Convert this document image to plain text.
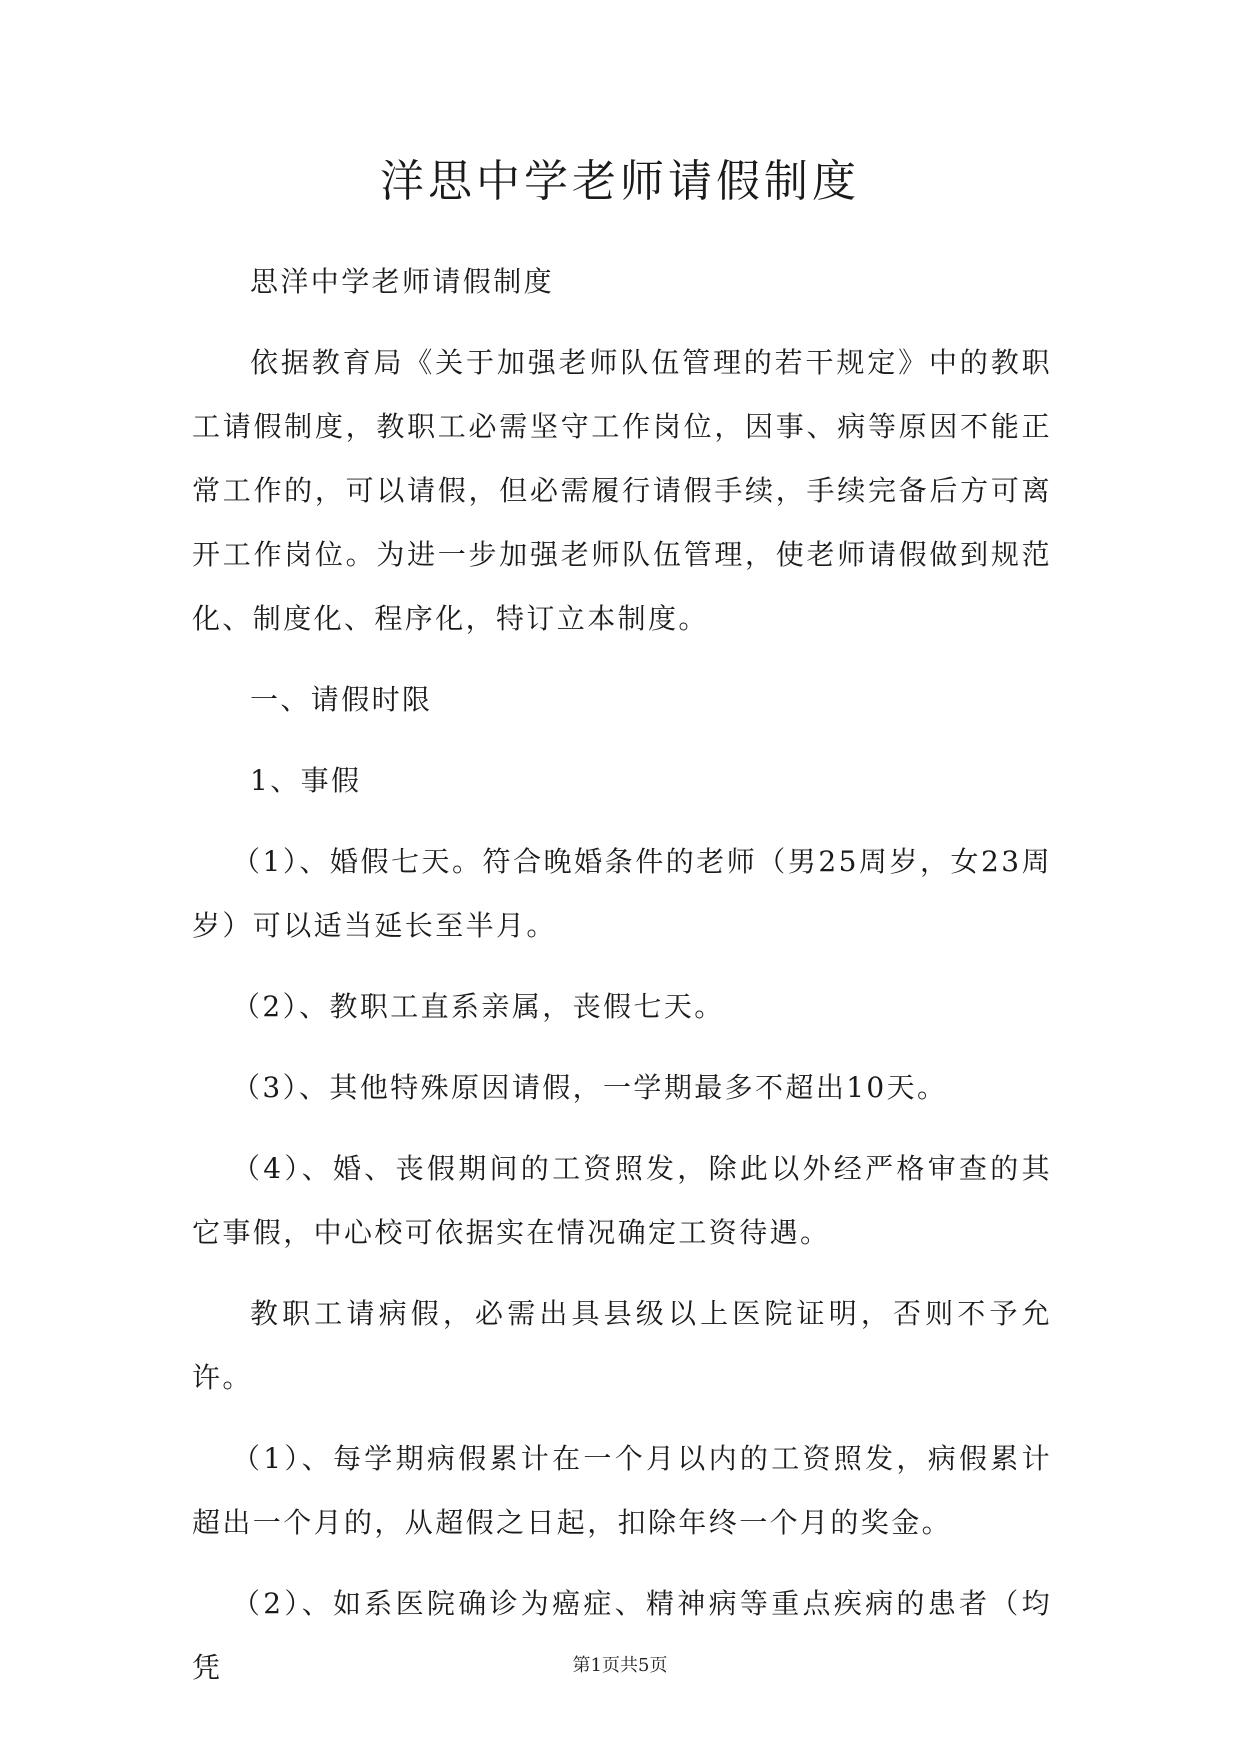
洋思中学老师请假制度

思洋中学老师请假制度

依据教育局《关于加强老师队伍管理的若干规定》中的教职工请假制度，教职工必需坚守工作岗位，因事、病等原因不能正常工作的，可以请假，但必需履行请假手续，手续完备后方可离开工作岗位。为进一步加强老师队伍管理，使老师请假做到规范化、制度化、程序化，特订立本制度。

一、请假时限

1、事假

（1）、婚假七天。符合晚婚条件的老师（男25周岁，女23周岁）可以适当延长至半月。

（2）、教职工直系亲属，丧假七天。

（3）、其他特殊原因请假，一学期最多不超出10天。

（4）、婚、丧假期间的工资照发，除此以外经严格审查的其它事假，中心校可依据实在情况确定工资待遇。

教职工请病假，必需出具县级以上医院证明，否则不予允许。

（1）、每学期病假累计在一个月以内的工资照发，病假累计超出一个月的，从超假之日起，扣除年终一个月的奖金。

（2）、如系医院确诊为癌症、精神病等重点疾病的患者（均凭	第1页共5页
